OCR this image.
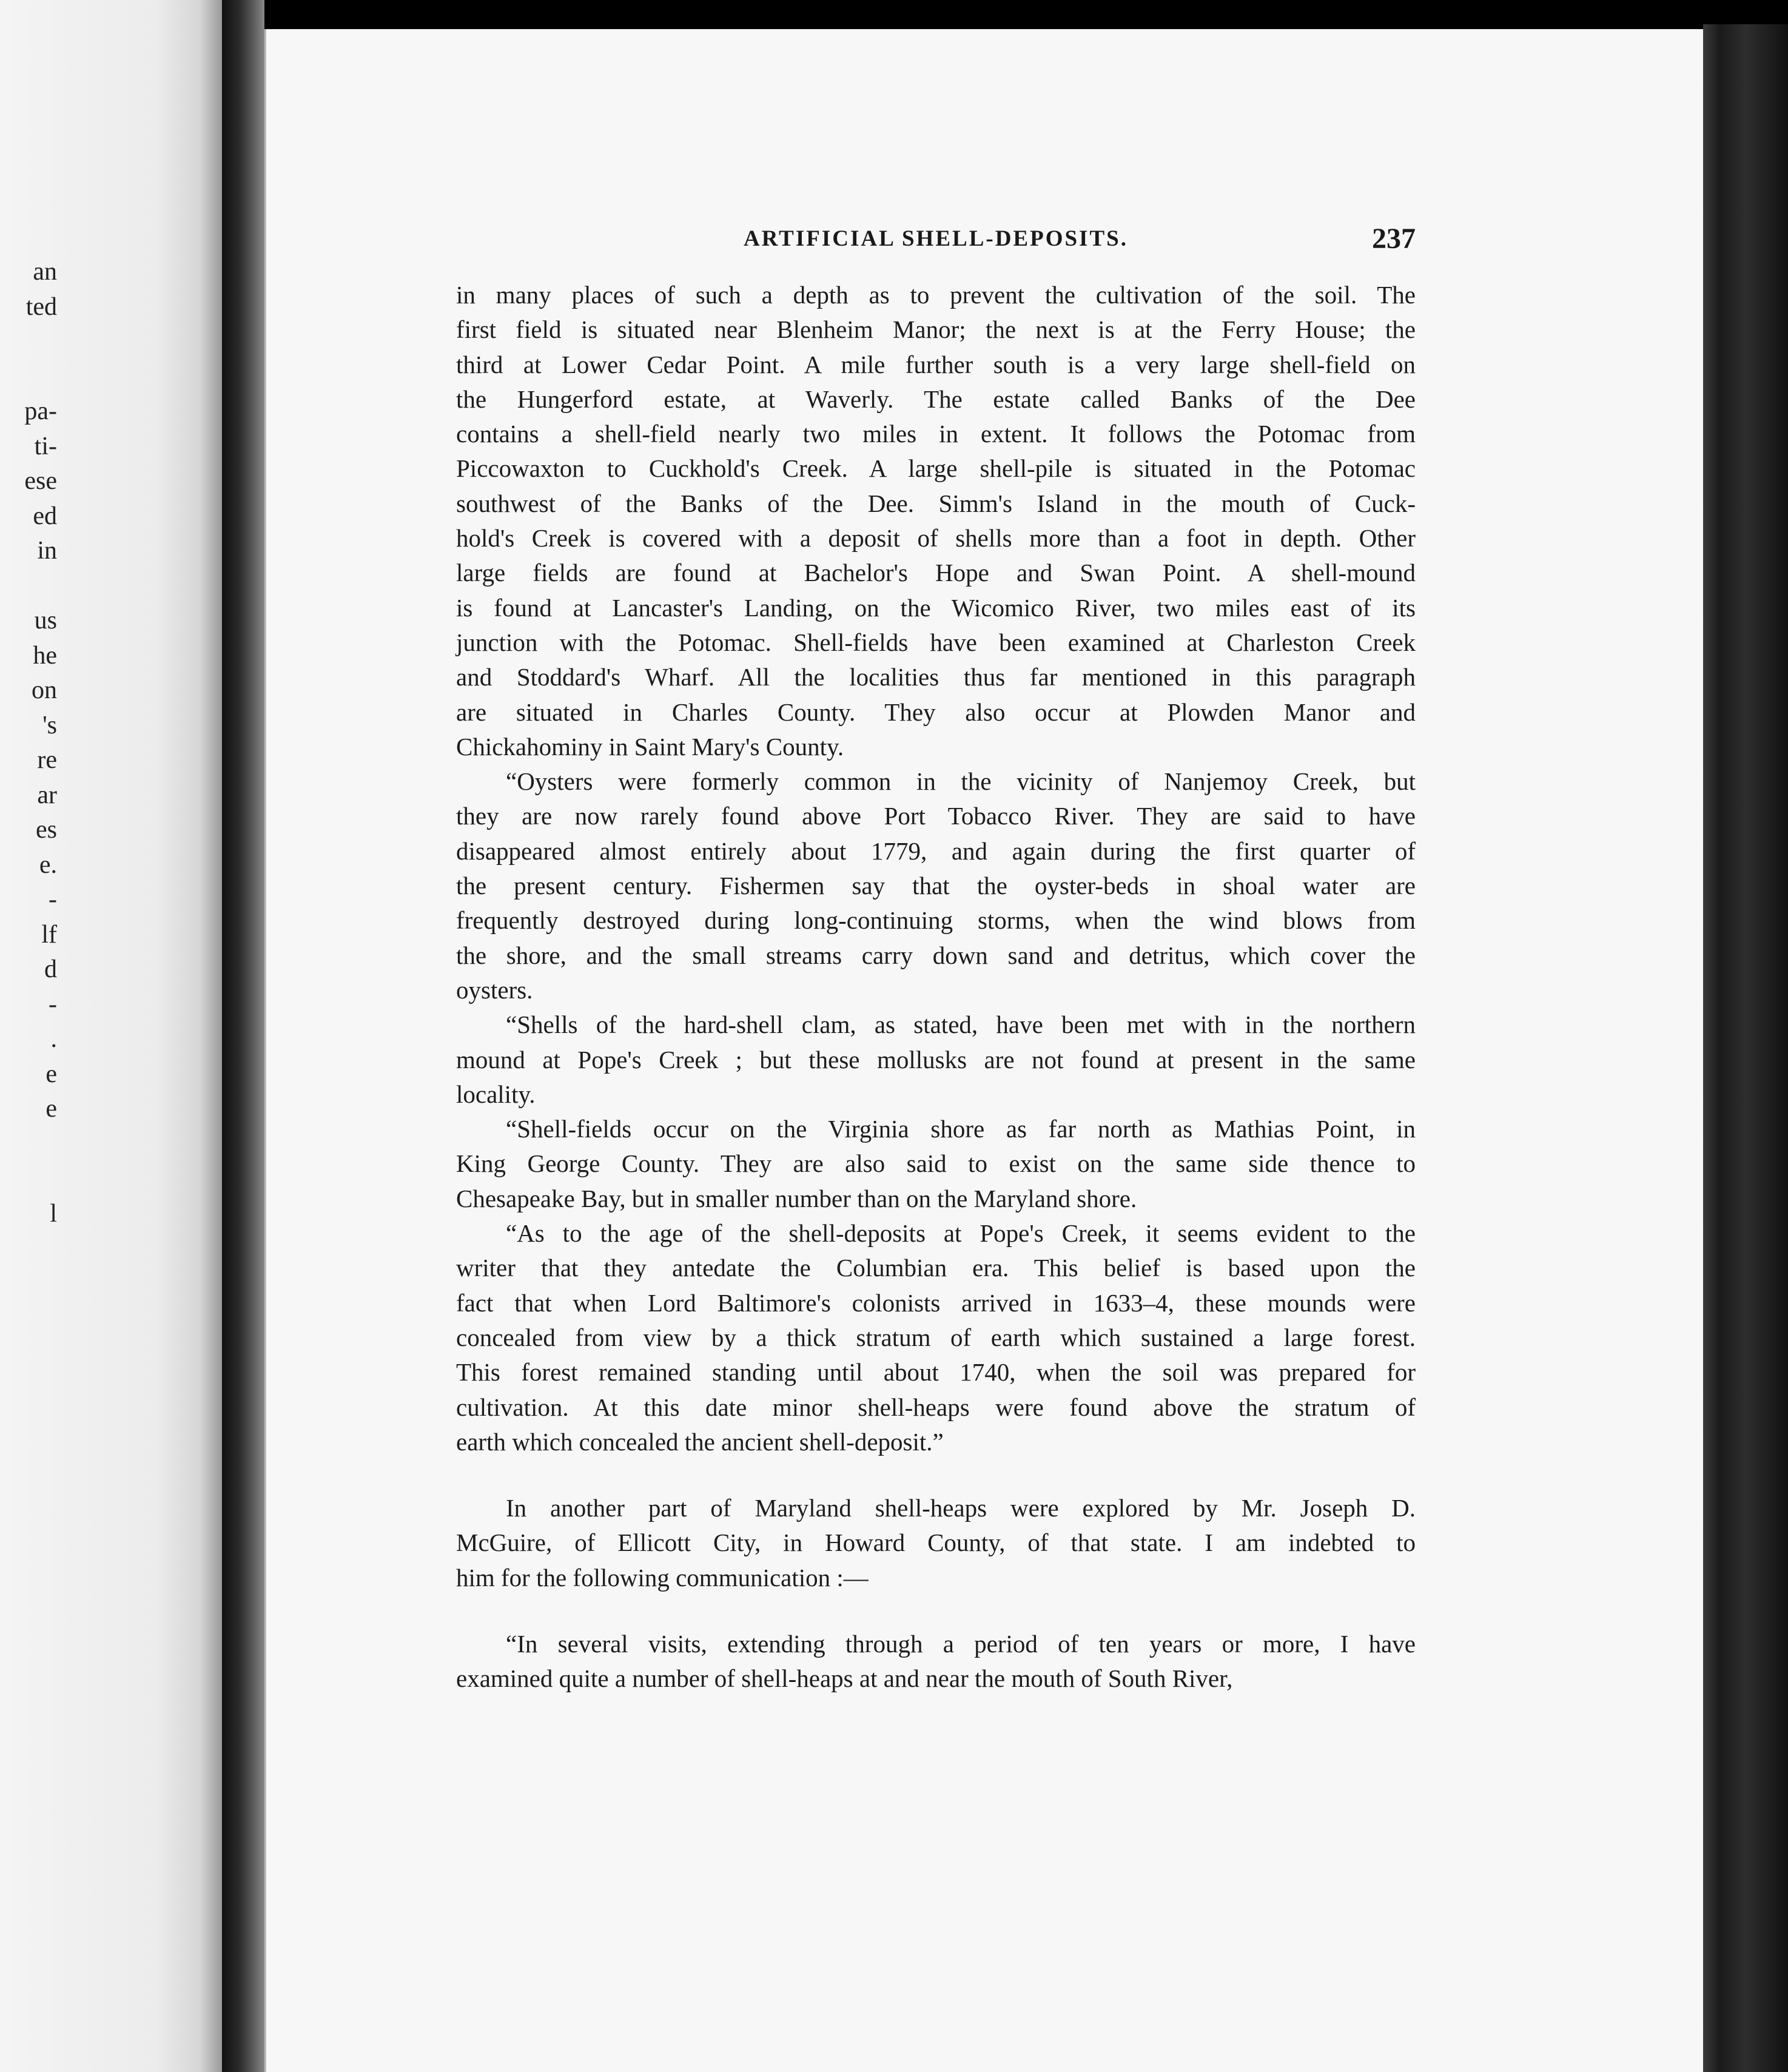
an
ted

pa-
ti-
ese
ed
in

us
he
on
's
re
ar
es
e.
-
lf
d
-
.
e
e

l
ARTIFICIAL SHELL-DEPOSITS.	237
in many places of such a depth as to prevent the cultivation of the soil. The
first field is situated near Blenheim Manor; the next is at the Ferry House; the
third at Lower Cedar Point. A mile further south is a very large shell-field on
the Hungerford estate, at Waverly. The estate called Banks of the Dee
contains a shell-field nearly two miles in extent. It follows the Potomac from
Piccowaxton to Cuckhold's Creek. A large shell-pile is situated in the Potomac
southwest of the Banks of the Dee. Simm's Island in the mouth of Cuck-
hold's Creek is covered with a deposit of shells more than a foot in depth. Other
large fields are found at Bachelor's Hope and Swan Point. A shell-mound
is found at Lancaster's Landing, on the Wicomico River, two miles east of its
junction with the Potomac. Shell-fields have been examined at Charleston Creek
and Stoddard's Wharf. All the localities thus far mentioned in this paragraph
are situated in Charles County. They also occur at Plowden Manor and
Chickahominy in Saint Mary's County.
“Oysters were formerly common in the vicinity of Nanjemoy Creek, but
they are now rarely found above Port Tobacco River. They are said to have
disappeared almost entirely about 1779, and again during the first quarter of
the present century. Fishermen say that the oyster-beds in shoal water are
frequently destroyed during long-continuing storms, when the wind blows from
the shore, and the small streams carry down sand and detritus, which cover the
oysters.
“Shells of the hard-shell clam, as stated, have been met with in the northern
mound at Pope's Creek ; but these mollusks are not found at present in the same
locality.
“Shell-fields occur on the Virginia shore as far north as Mathias Point, in
King George County. They are also said to exist on the same side thence to
Chesapeake Bay, but in smaller number than on the Maryland shore.
“As to the age of the shell-deposits at Pope's Creek, it seems evident to the
writer that they antedate the Columbian era. This belief is based upon the
fact that when Lord Baltimore's colonists arrived in 1633–4, these mounds were
concealed from view by a thick stratum of earth which sustained a large forest.
This forest remained standing until about 1740, when the soil was prepared for
cultivation. At this date minor shell-heaps were found above the stratum of
earth which concealed the ancient shell-deposit.”
In another part of Maryland shell-heaps were explored by Mr. Joseph D.
McGuire, of Ellicott City, in Howard County, of that state. I am indebted to
him for the following communication :—
“In several visits, extending through a period of ten years or more, I have
examined quite a number of shell-heaps at and near the mouth of South River,
